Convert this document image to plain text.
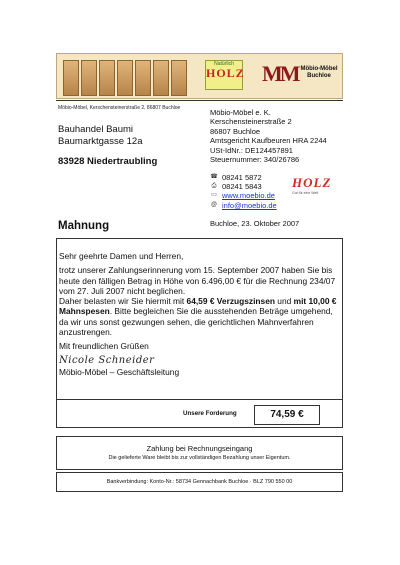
Natürlich
HOLZ MM Möbio-Möbel
Buchloe
Möbio-Möbel, Kerschensteinerstraße 2, 86807 Buchloe
Bauhandel Baumi
Baumarktgasse 12a
83928 Niedertraubling
Möbio-Möbel e. K.
Kerschensteinerstraße 2
86807 Buchloe
Amtsgericht Kaufbeuren HRA 2244
USt-IdNr.: DE124457891
Steuernummer: 340/26786
☎ 08241 5872
⎙ 08241 5843
▭ www.moebio.de
@ info@moebio.de
HOLZ
Gut für eine Welt
Mahnung	Buchloe, 23. Oktober 2007
Sehr geehrte Damen und Herren,
trotz unserer Zahlungserinnerung vom 15. September 2007 haben Sie bis heute den fälligen Betrag in Höhe von 6.496,00 € für die Rechnung 234/07 vom 27. Juli 2007 nicht beglichen.
Daher belasten wir Sie hiermit mit 64,59 € Verzugszinsen und mit 10,00 € Mahnspesen. Bitte begleichen Sie die ausstehenden Beträge umgehend, da wir uns sonst gezwungen sehen, die gerichtlichen Mahnverfahren anzustrengen.
Mit freundlichen Grüßen
Nicole Schneider
Möbio-Möbel – Geschäftsleitung
Unsere Forderung	74,59 €
Zahlung bei Rechnungseingang
Die gelieferte Ware bleibt bis zur vollständigen Bezahlung unser Eigentum.
Bankverbindung: Konto-Nr.: 58734 Gennachbank Buchloe · BLZ 790 550 00
